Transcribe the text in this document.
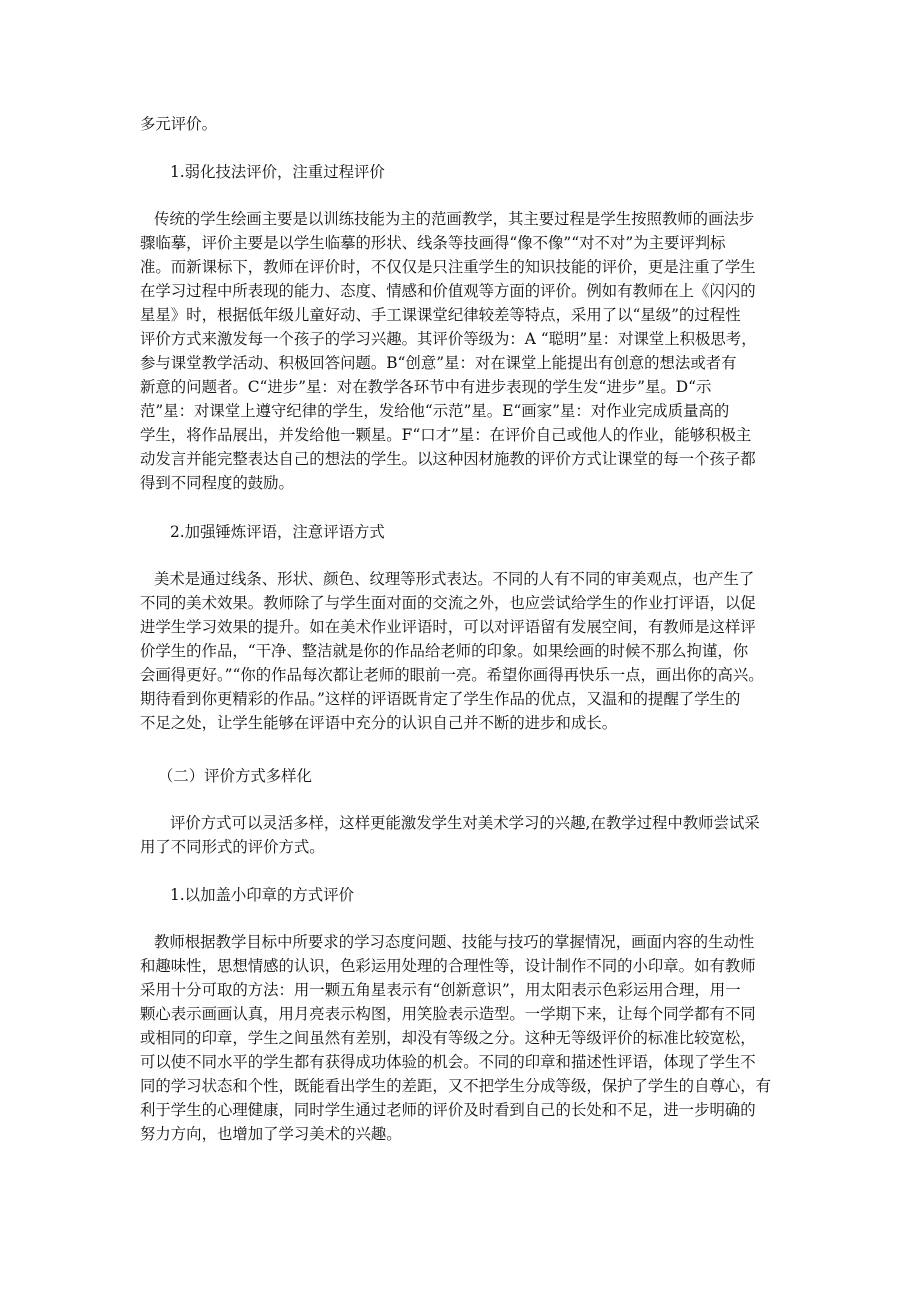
多元评价。
1.弱化技法评价，注重过程评价
传统的学生绘画主要是以训练技能为主的范画教学，其主要过程是学生按照教师的画法步
骤临摹，评价主要是以学生临摹的形状、线条等技画得“像不像”“对不对”为主要评判标
准。而新课标下，教师在评价时，不仅仅是只注重学生的知识技能的评价，更是注重了学生
在学习过程中所表现的能力、态度、情感和价值观等方面的评价。例如有教师在上《闪闪的
星星》时，根据低年级儿童好动、手工课课堂纪律较差等特点，采用了以“星级”的过程性
评价方式来激发每一个孩子的学习兴趣。其评价等级为：A “聪明”星：对课堂上积极思考，
参与课堂教学活动、积极回答问题。B“创意”星：对在课堂上能提出有创意的想法或者有
新意的问题者。C“进步”星：对在教学各环节中有进步表现的学生发“进步”星。D“示
范”星：对课堂上遵守纪律的学生，发给他“示范”星。E“画家”星：对作业完成质量高的
学生，将作品展出，并发给他一颗星。F“口才”星：在评价自己或他人的作业，能够积极主
动发言并能完整表达自己的想法的学生。以这种因材施教的评价方式让课堂的每一个孩子都
得到不同程度的鼓励。
2.加强锤炼评语，注意评语方式
美术是通过线条、形状、颜色、纹理等形式表达。不同的人有不同的审美观点，也产生了
不同的美术效果。教师除了与学生面对面的交流之外，也应尝试给学生的作业打评语，以促
进学生学习效果的提升。如在美术作业评语时，可以对评语留有发展空间，有教师是这样评
价学生的作品，“干净、整洁就是你的作品给老师的印象。如果绘画的时候不那么拘谨，你
会画得更好。”“你的作品每次都让老师的眼前一亮。希望你画得再快乐一点，画出你的高兴。
期待看到你更精彩的作品。”这样的评语既肯定了学生作品的优点，又温和的提醒了学生的
不足之处，让学生能够在评语中充分的认识自己并不断的进步和成长。
（二）评价方式多样化
评价方式可以灵活多样，这样更能激发学生对美术学习的兴趣,在教学过程中教师尝试采
用了不同形式的评价方式。
1.以加盖小印章的方式评价
教师根据教学目标中所要求的学习态度问题、技能与技巧的掌握情况，画面内容的生动性
和趣味性，思想情感的认识，色彩运用处理的合理性等，设计制作不同的小印章。如有教师
采用十分可取的方法：用一颗五角星表示有“创新意识”，用太阳表示色彩运用合理，用一
颗心表示画画认真，用月亮表示构图，用笑脸表示造型。一学期下来，让每个同学都有不同
或相同的印章，学生之间虽然有差别，却没有等级之分。这种无等级评价的标准比较宽松，
可以使不同水平的学生都有获得成功体验的机会。不同的印章和描述性评语，体现了学生不
同的学习状态和个性，既能看出学生的差距，又不把学生分成等级，保护了学生的自尊心，有
利于学生的心理健康，同时学生通过老师的评价及时看到自己的长处和不足，进一步明确的
努力方向，也增加了学习美术的兴趣。
